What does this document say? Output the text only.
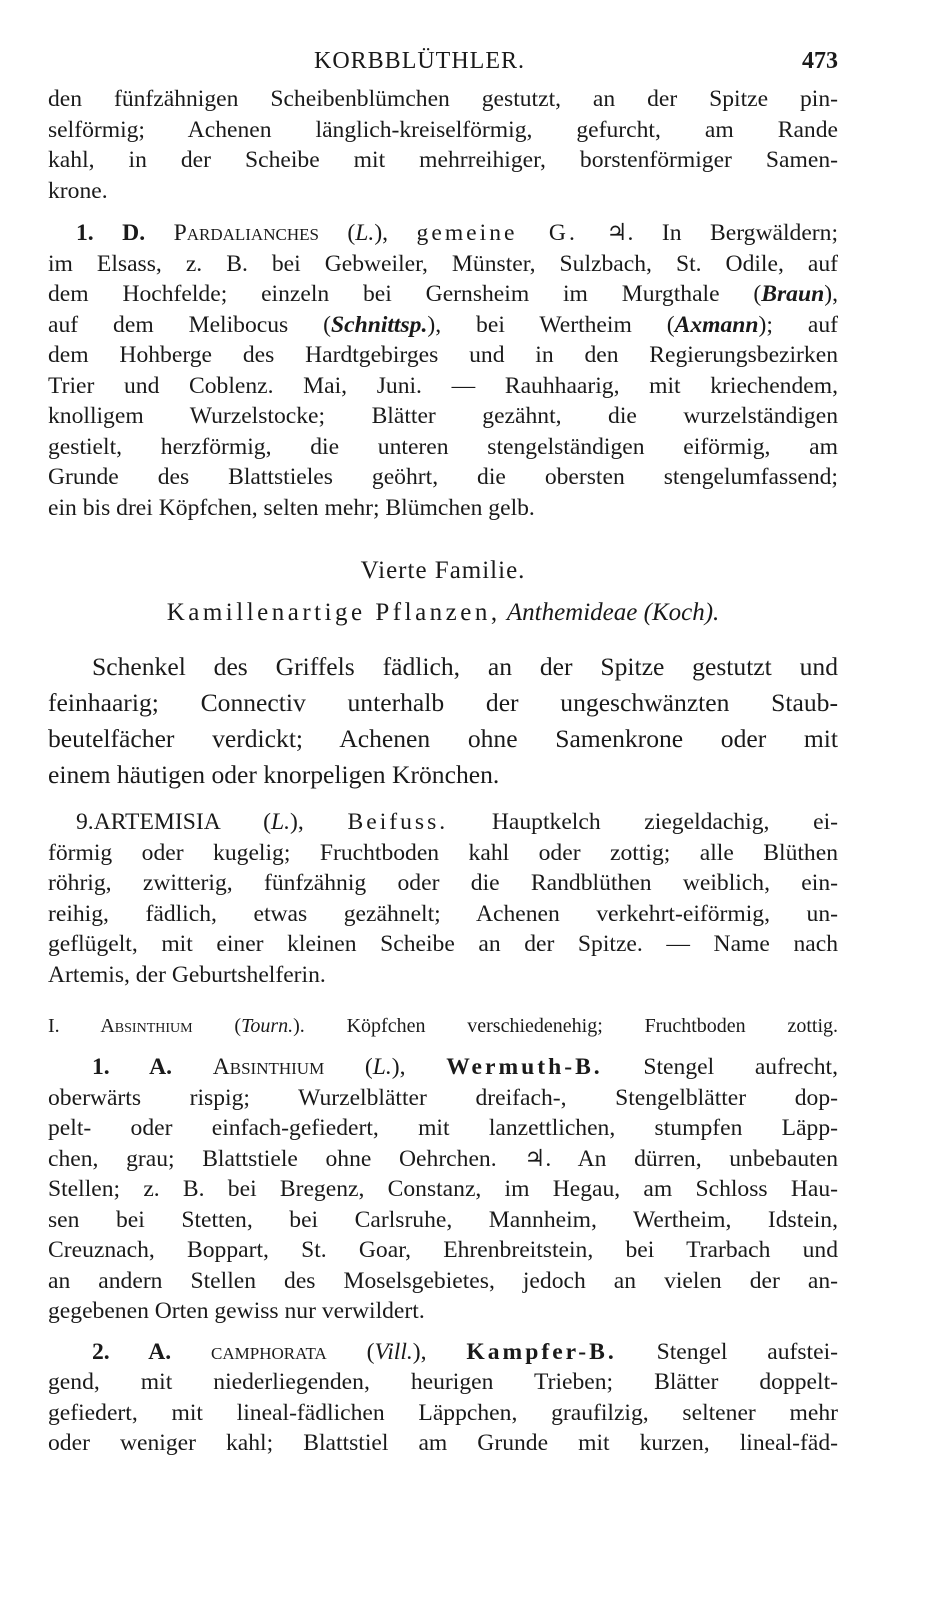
KORBBLÜTHLER.	473
den fünfzähnigen Scheibenblümchen gestutzt, an der Spitze pin-
selförmig; Achenen länglich-kreiselförmig, gefurcht, am Rande
kahl, in der Scheibe mit mehrreihiger, borstenförmiger Samen-
krone.
1. D. Pardalianches (L.), gemeine G. ♃. In Bergwäldern;
im Elsass, z. B. bei Gebweiler, Münster, Sulzbach, St. Odile, auf
dem Hochfelde; einzeln bei Gernsheim im Murgthale (Braun),
auf dem Melibocus (Schnittsp.), bei Wertheim (Axmann); auf
dem Hohberge des Hardtgebirges und in den Regierungsbezirken
Trier und Coblenz. Mai, Juni. — Rauhhaarig, mit kriechendem,
knolligem Wurzelstocke; Blätter gezähnt, die wurzelständigen
gestielt, herzförmig, die unteren stengelständigen eiförmig, am
Grunde des Blattstieles geöhrt, die obersten stengelumfassend;
ein bis drei Köpfchen, selten mehr; Blümchen gelb.
Vierte Familie.
Kamillenartige Pflanzen, Anthemideae (Koch).
Schenkel des Griffels fädlich, an der Spitze gestutzt und
feinhaarig; Connectiv unterhalb der ungeschwänzten Staub-
beutelfächer verdickt; Achenen ohne Samenkrone oder mit
einem häutigen oder knorpeligen Krönchen.
9.ARTEMISIA (L.), Beifuss. Hauptkelch ziegeldachig, ei-
förmig oder kugelig; Fruchtboden kahl oder zottig; alle Blüthen
röhrig, zwitterig, fünfzähnig oder die Randblüthen weiblich, ein-
reihig, fädlich, etwas gezähnelt; Achenen verkehrt-eiförmig, un-
geflügelt, mit einer kleinen Scheibe an der Spitze. — Name nach
Artemis, der Geburtshelferin.
I. Absinthium (Tourn.). Köpfchen verschiedenehig; Fruchtboden zottig.
1. A. Absinthium (L.), Wermuth-B. Stengel aufrecht,
oberwärts rispig; Wurzelblätter dreifach-, Stengelblätter dop-
pelt- oder einfach-gefiedert, mit lanzettlichen, stumpfen Läpp-
chen, grau; Blattstiele ohne Oehrchen. ♃. An dürren, unbebauten
Stellen; z. B. bei Bregenz, Constanz, im Hegau, am Schloss Hau-
sen bei Stetten, bei Carlsruhe, Mannheim, Wertheim, Idstein,
Creuznach, Boppart, St. Goar, Ehrenbreitstein, bei Trarbach und
an andern Stellen des Moselsgebietes, jedoch an vielen der an-
gegebenen Orten gewiss nur verwildert.
2. A. camphorata (Vill.), Kampfer-B. Stengel aufstei-
gend, mit niederliegenden, heurigen Trieben; Blätter doppelt-
gefiedert, mit lineal-fädlichen Läppchen, graufilzig, seltener mehr
oder weniger kahl; Blattstiel am Grunde mit kurzen, lineal-fäd-
